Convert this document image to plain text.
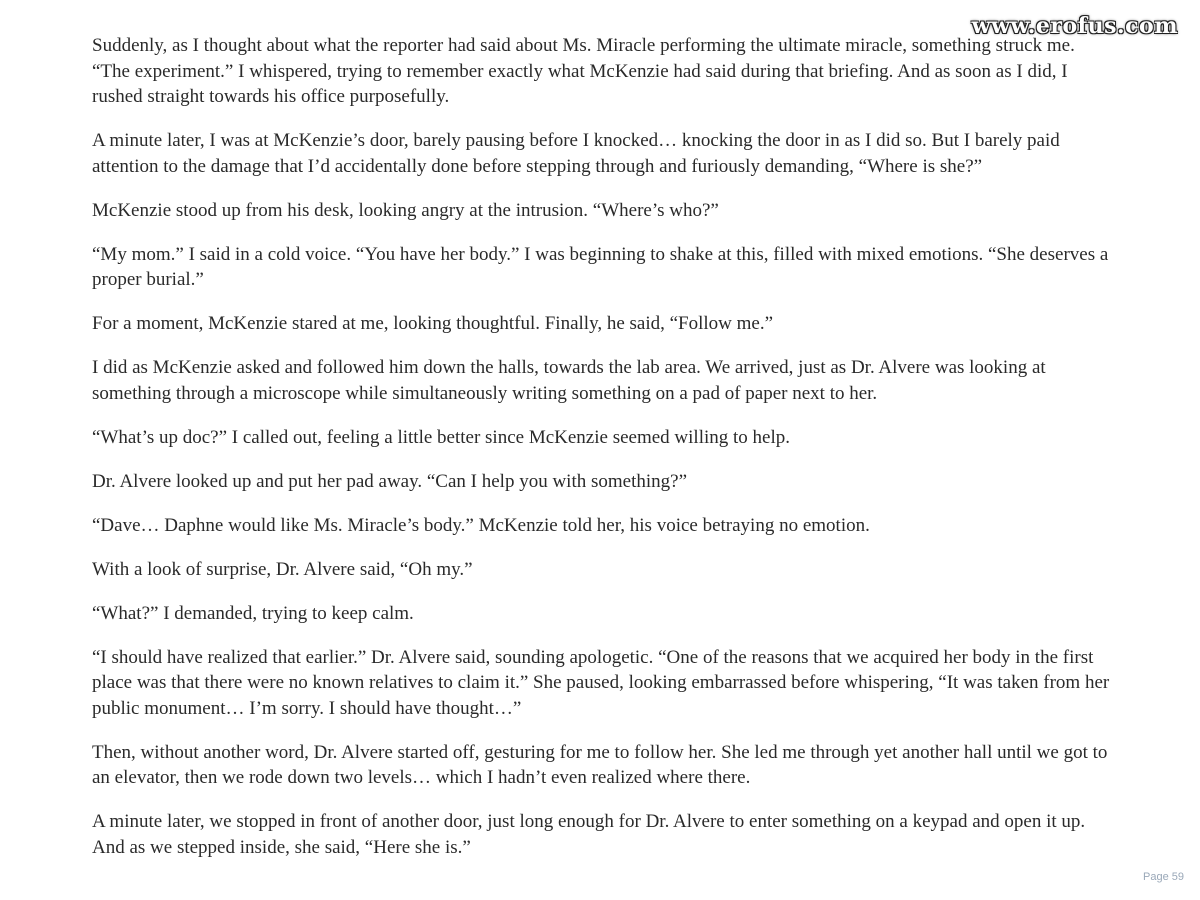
www.erofus.com

Suddenly, as I thought about what the reporter had said about Ms. Miracle performing the ultimate miracle, something struck me. “The experiment.” I whispered, trying to remember exactly what McKenzie had said during that briefing. And as soon as I did, I rushed straight towards his office purposefully.

A minute later, I was at McKenzie’s door, barely pausing before I knocked… knocking the door in as I did so. But I barely paid attention to the damage that I’d accidentally done before stepping through and furiously demanding, “Where is she?”

McKenzie stood up from his desk, looking angry at the intrusion. “Where’s who?”

“My mom.” I said in a cold voice. “You have her body.” I was beginning to shake at this, filled with mixed emotions. “She deserves a proper burial.”

For a moment, McKenzie stared at me, looking thoughtful. Finally, he said, “Follow me.”

I did as McKenzie asked and followed him down the halls, towards the lab area. We arrived, just as Dr. Alvere was looking at something through a microscope while simultaneously writing something on a pad of paper next to her.

“What’s up doc?” I called out, feeling a little better since McKenzie seemed willing to help.

Dr. Alvere looked up and put her pad away. “Can I help you with something?”

“Dave… Daphne would like Ms. Miracle’s body.” McKenzie told her, his voice betraying no emotion.

With a look of surprise, Dr. Alvere said, “Oh my.”

“What?” I demanded, trying to keep calm.

“I should have realized that earlier.” Dr. Alvere said, sounding apologetic. “One of the reasons that we acquired her body in the first place was that there were no known relatives to claim it.” She paused, looking embarrassed before whispering, “It was taken from her public monument… I’m sorry. I should have thought…”

Then, without another word, Dr. Alvere started off, gesturing for me to follow her. She led me through yet another hall until we got to an elevator, then we rode down two levels… which I hadn’t even realized where there.

A minute later, we stopped in front of another door, just long enough for Dr. Alvere to enter something on a keypad and open it up. And as we stepped inside, she said, “Here she is.”

Page 59
